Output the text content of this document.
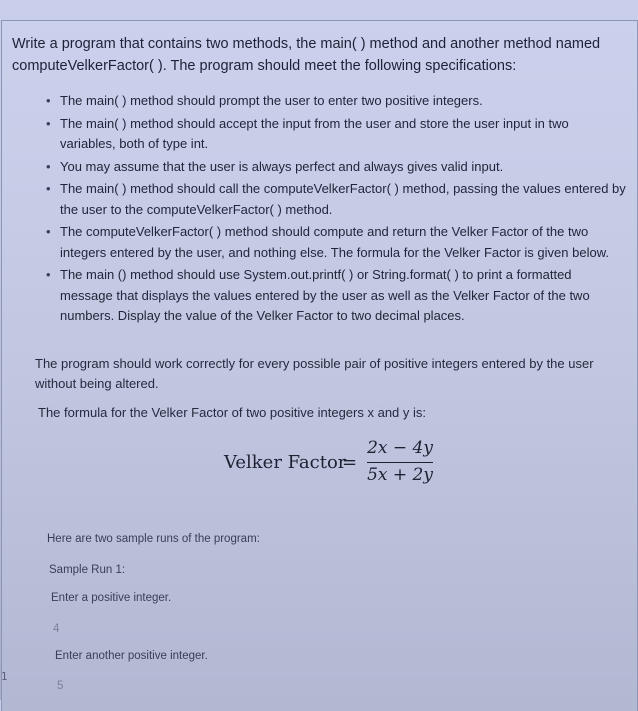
Write a program that contains two methods, the main( ) method and another method named computeVelkerFactor( ). The program should meet the following specifications:
• The main( ) method should prompt the user to enter two positive integers.
• The main( ) method should accept the input from the user and store the user input in two variables, both of type int.
• You may assume that the user is always perfect and always gives valid input.
• The main( ) method should call the computeVelkerFactor( ) method, passing the values entered by the user to the computeVelkerFactor( ) method.
• The computeVelkerFactor( ) method should compute and return the Velker Factor of the two integers entered by the user, and nothing else. The formula for the Velker Factor is given below.
• The main () method should use System.out.printf( ) or String.format( ) to print a formatted message that displays the values entered by the user as well as the Velker Factor of the two numbers. Display the value of the Velker Factor to two decimal places.
The program should work correctly for every possible pair of positive integers entered by the user without being altered.
The formula for the Velker Factor of two positive integers x and y is:
Velker Factor
=
2x − 4y
5x + 2y
Here are two sample runs of the program:
Sample Run 1:
Enter a positive integer.
4
Enter another positive integer.
5
1
